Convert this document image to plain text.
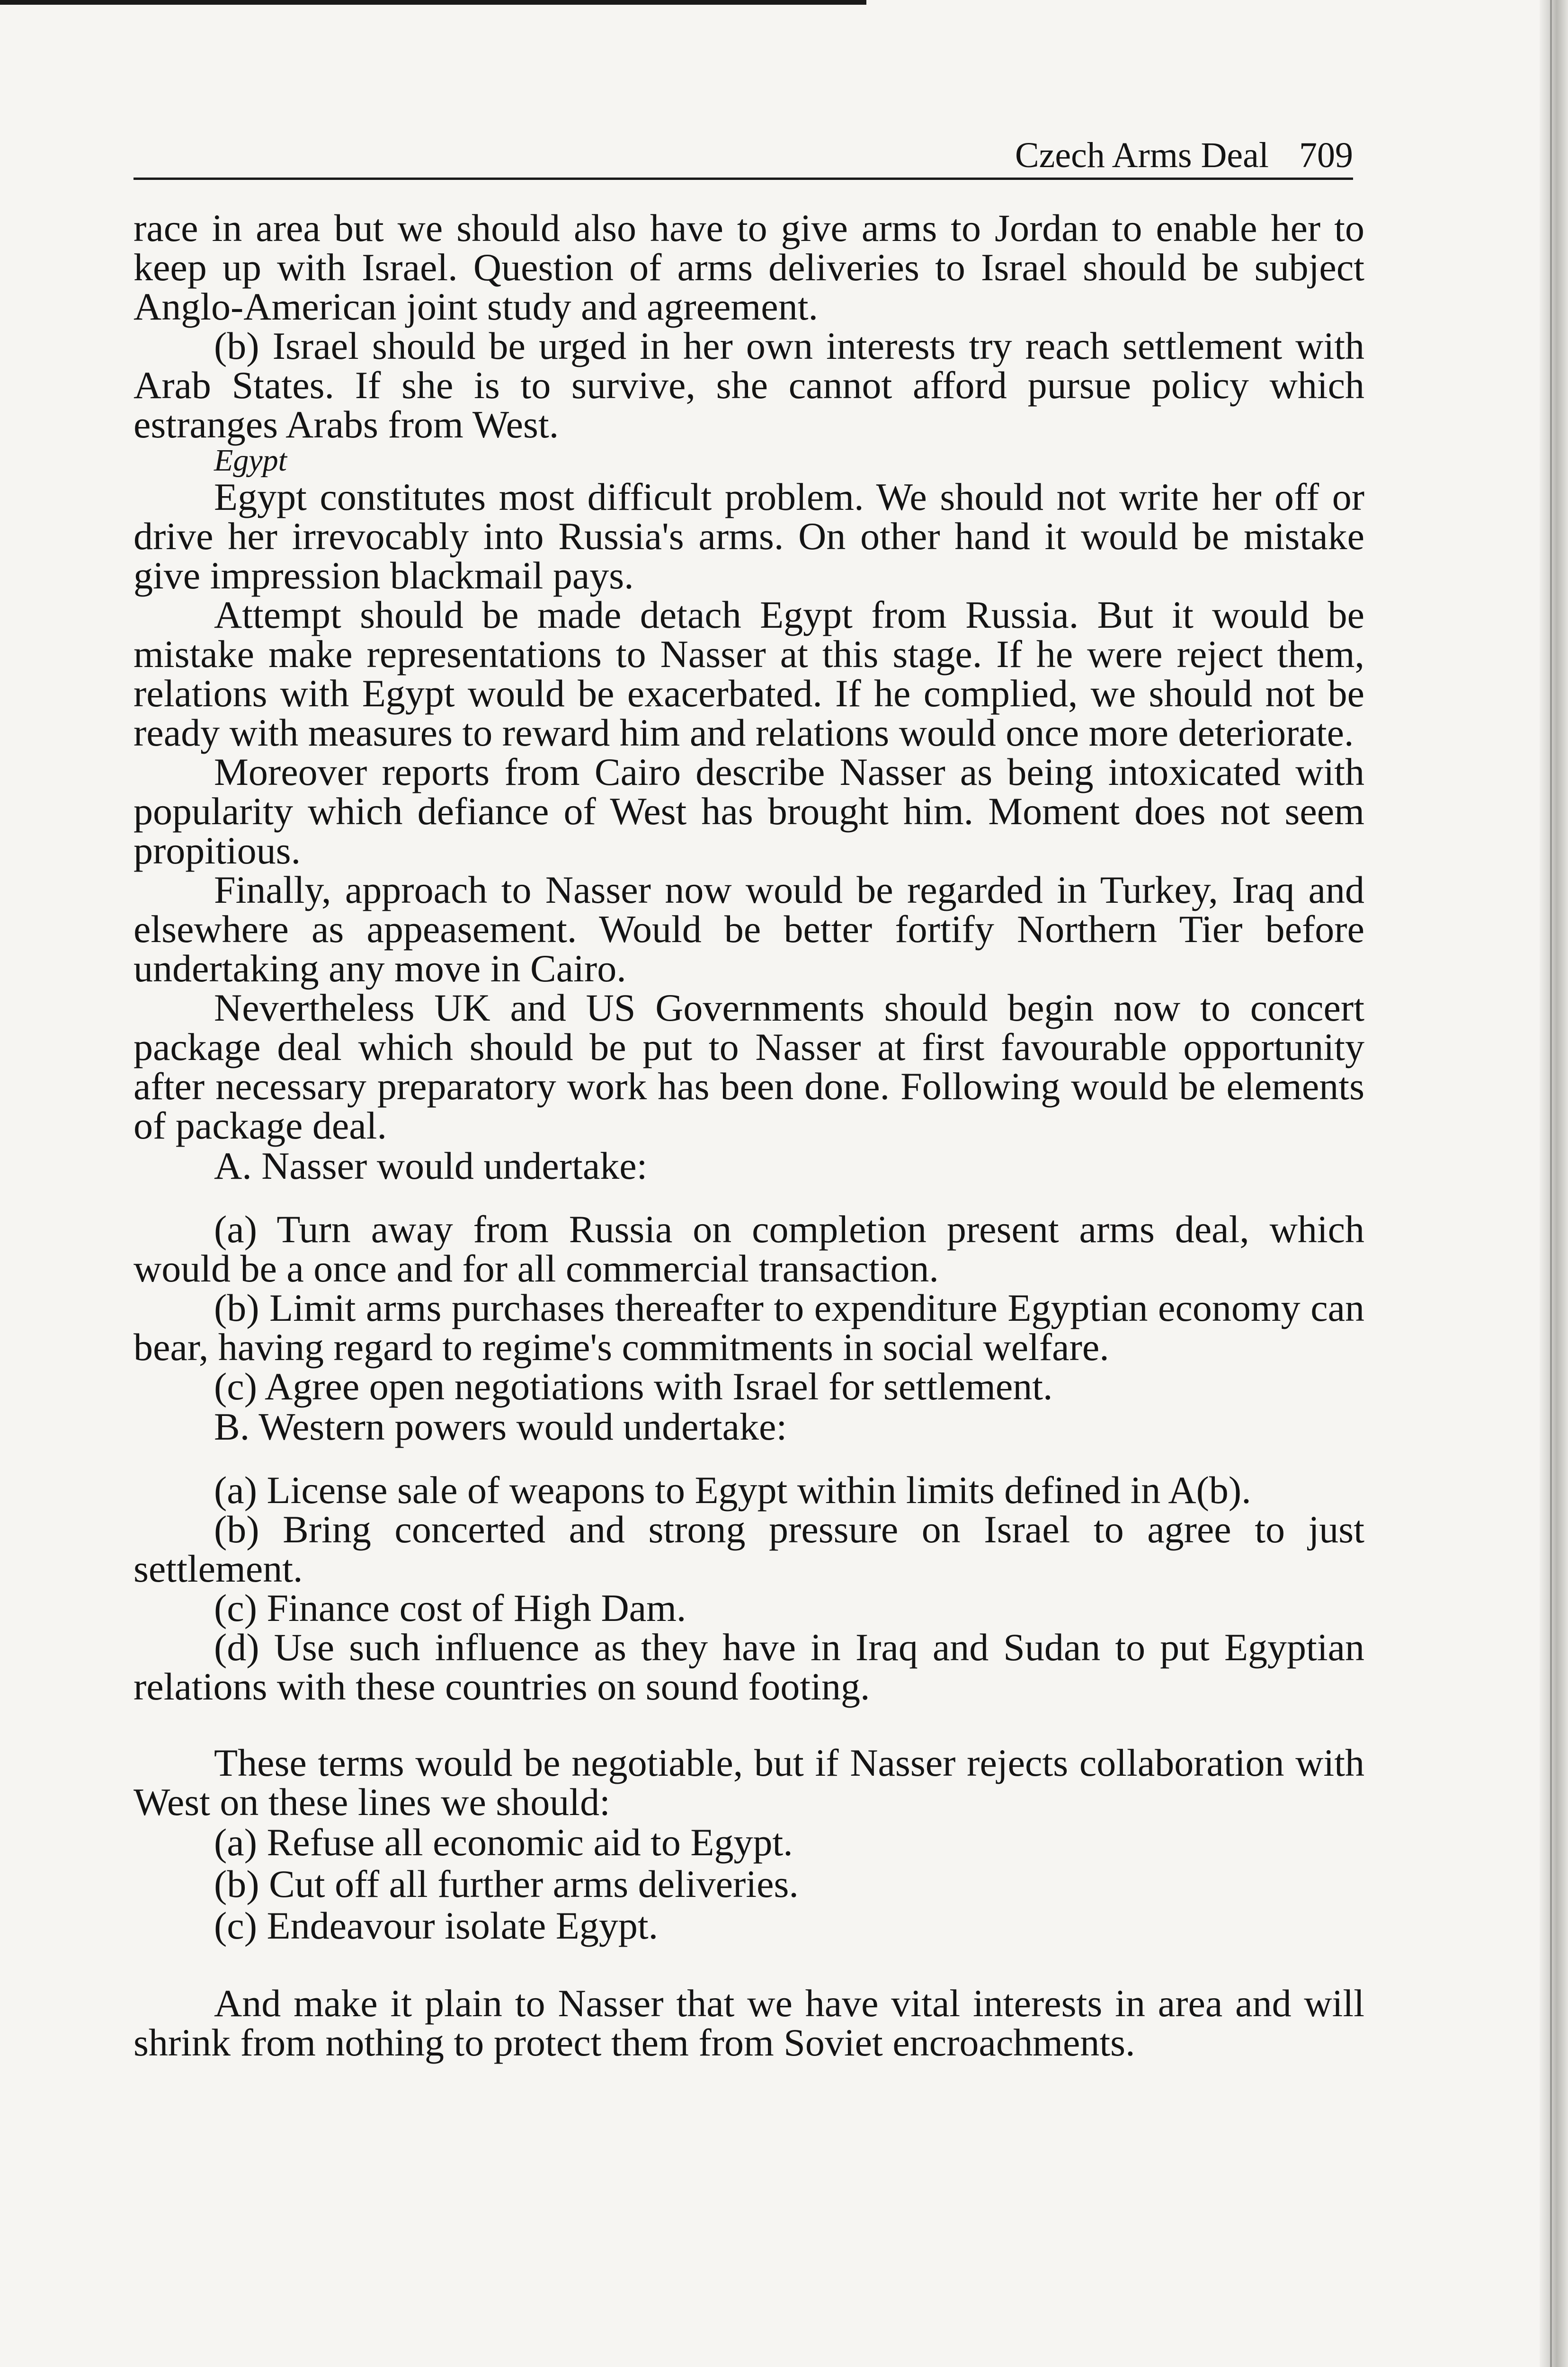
Czech Arms Deal 709

race in area but we should also have to give arms to Jordan to enable her to keep up with Israel. Question of arms deliveries to Israel should be subject Anglo-American joint study and agreement.

(b) Israel should be urged in her own interests try reach settlement with Arab States. If she is to survive, she cannot afford pursue policy which estranges Arabs from West.

Egypt

Egypt constitutes most difficult problem. We should not write her off or drive her irrevocably into Russia's arms. On other hand it would be mistake give impression blackmail pays.

Attempt should be made detach Egypt from Russia. But it would be mistake make representations to Nasser at this stage. If he were reject them, relations with Egypt would be exacerbated. If he complied, we should not be ready with measures to reward him and relations would once more deteriorate.

Moreover reports from Cairo describe Nasser as being intoxicated with popularity which defiance of West has brought him. Moment does not seem propitious.

Finally, approach to Nasser now would be regarded in Turkey, Iraq and elsewhere as appeasement. Would be better fortify Northern Tier before undertaking any move in Cairo.

Nevertheless UK and US Governments should begin now to concert package deal which should be put to Nasser at first favourable opportunity after necessary preparatory work has been done. Following would be elements of package deal.

A. Nasser would undertake:

(a) Turn away from Russia on completion present arms deal, which would be a once and for all commercial transaction.

(b) Limit arms purchases thereafter to expenditure Egyptian economy can bear, having regard to regime's commitments in social welfare.

(c) Agree open negotiations with Israel for settlement.

B. Western powers would undertake:

(a) License sale of weapons to Egypt within limits defined in A(b).

(b) Bring concerted and strong pressure on Israel to agree to just settlement.

(c) Finance cost of High Dam.

(d) Use such influence as they have in Iraq and Sudan to put Egyptian relations with these countries on sound footing.

These terms would be negotiable, but if Nasser rejects collaboration with West on these lines we should:

(a) Refuse all economic aid to Egypt.

(b) Cut off all further arms deliveries.

(c) Endeavour isolate Egypt.

And make it plain to Nasser that we have vital interests in area and will shrink from nothing to protect them from Soviet encroachments.
